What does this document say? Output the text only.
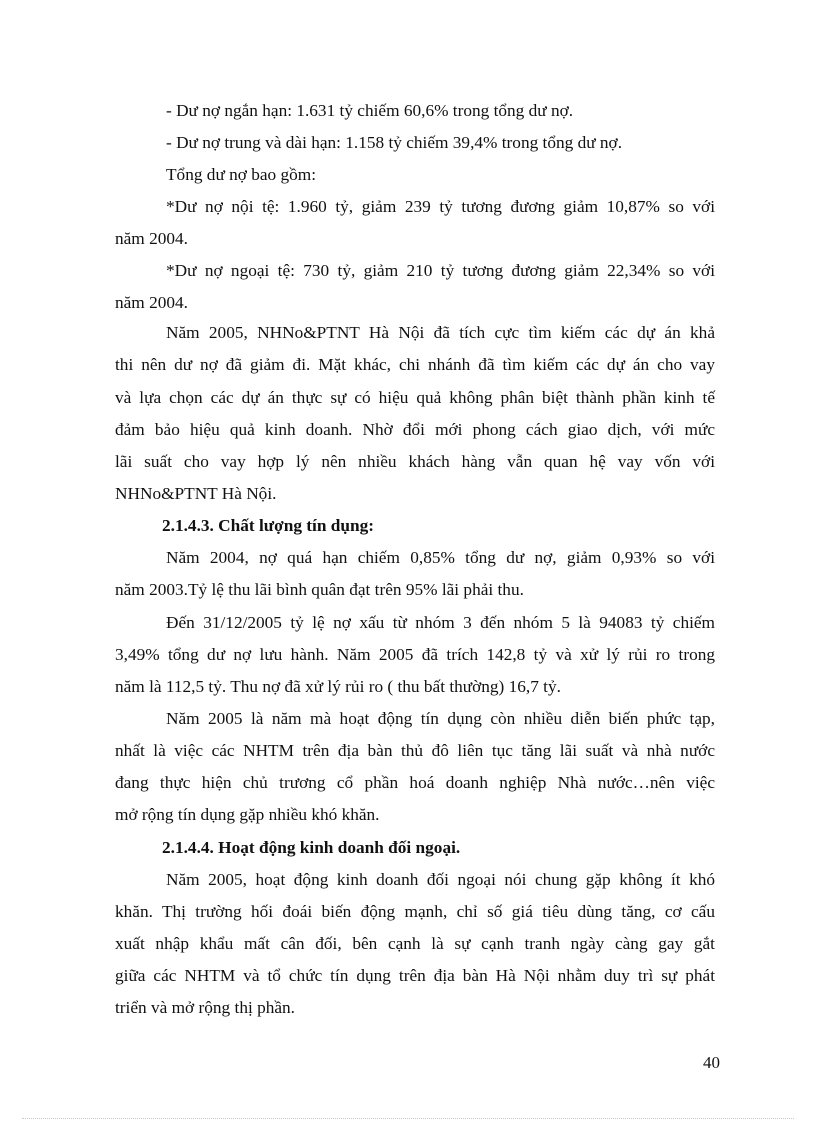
- Dư nợ ngắn hạn: 1.631 tỷ chiếm 60,6% trong tổng dư nợ.
- Dư nợ trung và dài hạn: 1.158 tỷ chiếm 39,4% trong tổng dư nợ.
Tổng dư nợ bao gồm:
*Dư nợ nội tệ: 1.960 tỷ, giảm 239 tỷ tương đương giảm 10,87% so với
năm 2004.
*Dư nợ ngoại tệ: 730 tỷ, giảm 210 tỷ tương đương giảm 22,34% so với
năm 2004.
Năm 2005, NHNo&PTNT Hà Nội đã tích cực tìm kiếm các dự án khả
thi nên dư nợ đã giảm đi. Mặt khác, chi nhánh đã tìm kiếm các dự án cho vay
và lựa chọn các dự án thực sự có hiệu quả không phân biệt thành phần kinh tế
đảm bảo hiệu quả kinh doanh. Nhờ đổi mới phong cách giao dịch, với mức
lãi suất cho vay hợp lý nên nhiều khách hàng vẫn quan hệ vay vốn với
NHNo&PTNT Hà Nội.
2.1.4.3. Chất lượng tín dụng:
Năm 2004, nợ quá hạn chiếm 0,85% tổng dư nợ, giảm 0,93% so với
năm 2003.Tỷ lệ thu lãi bình quân đạt trên 95% lãi phải thu.
Đến 31/12/2005 tỷ lệ nợ xấu từ nhóm 3 đến nhóm 5 là 94083 tỷ chiếm
3,49% tổng dư nợ lưu hành. Năm 2005 đã trích 142,8 tỷ và xử lý rủi ro trong
năm là 112,5 tỷ. Thu nợ đã xử lý rủi ro ( thu bất thường) 16,7 tỷ.
Năm 2005 là năm mà hoạt động tín dụng còn nhiều diễn biến phức tạp,
nhất là việc các NHTM trên địa bàn thủ đô liên tục tăng lãi suất và nhà nước
đang thực hiện chủ trương cổ phần hoá doanh nghiệp Nhà nước…nên việc
mở rộng tín dụng gặp nhiều khó khăn.
2.1.4.4. Hoạt động kinh doanh đối ngoại.
Năm 2005, hoạt động kinh doanh đối ngoại nói chung gặp không ít khó
khăn. Thị trường hối đoái biến động mạnh, chỉ số giá tiêu dùng tăng, cơ cấu
xuất nhập khẩu mất cân đối, bên cạnh là sự cạnh tranh ngày càng gay gắt
giữa các NHTM và tổ chức tín dụng trên địa bàn Hà Nội nhằm duy trì sự phát
triển và mở rộng thị phần.
40
